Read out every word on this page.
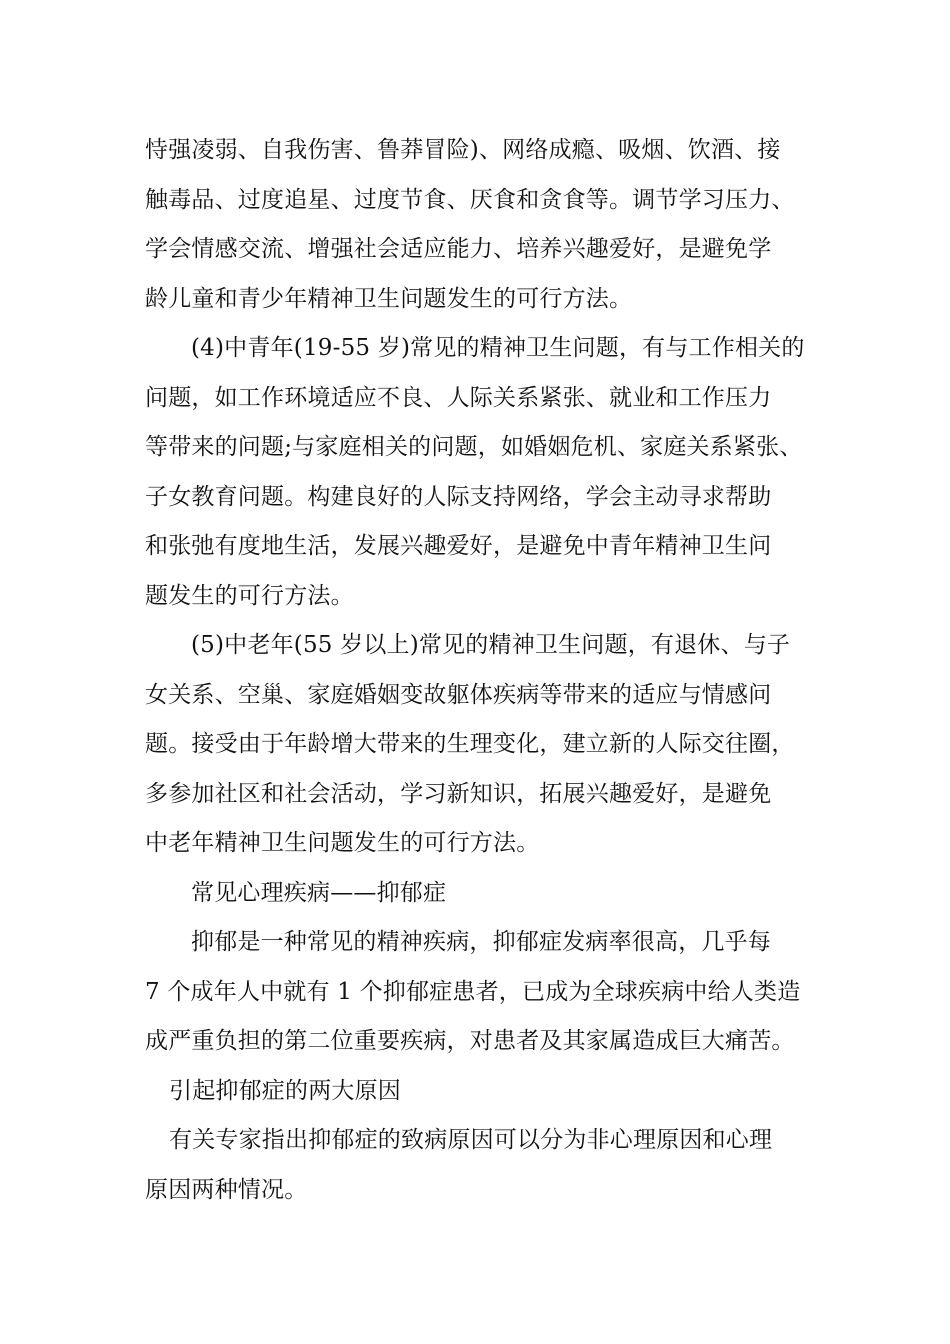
恃强凌弱、自我伤害、鲁莽冒险)、网络成瘾、吸烟、饮酒、接
触毒品、过度追星、过度节食、厌食和贪食等。调节学习压力、
学会情感交流、增强社会适应能力、培养兴趣爱好，是避免学
龄儿童和青少年精神卫生问题发生的可行方法。
(4)中青年(19-55 岁)常见的精神卫生问题，有与工作相关的
问题，如工作环境适应不良、人际关系紧张、就业和工作压力
等带来的问题;与家庭相关的问题，如婚姻危机、家庭关系紧张、
子女教育问题。构建良好的人际支持网络，学会主动寻求帮助
和张弛有度地生活，发展兴趣爱好，是避免中青年精神卫生问
题发生的可行方法。
(5)中老年(55 岁以上)常见的精神卫生问题，有退休、与子
女关系、空巢、家庭婚姻变故躯体疾病等带来的适应与情感问
题。接受由于年龄增大带来的生理变化，建立新的人际交往圈，
多参加社区和社会活动，学习新知识，拓展兴趣爱好，是避免
中老年精神卫生问题发生的可行方法。
常见心理疾病——抑郁症
抑郁是一种常见的精神疾病，抑郁症发病率很高，几乎每
7 个成年人中就有 1 个抑郁症患者，已成为全球疾病中给人类造
成严重负担的第二位重要疾病，对患者及其家属造成巨大痛苦。
引起抑郁症的两大原因
有关专家指出抑郁症的致病原因可以分为非心理原因和心理
原因两种情况。
